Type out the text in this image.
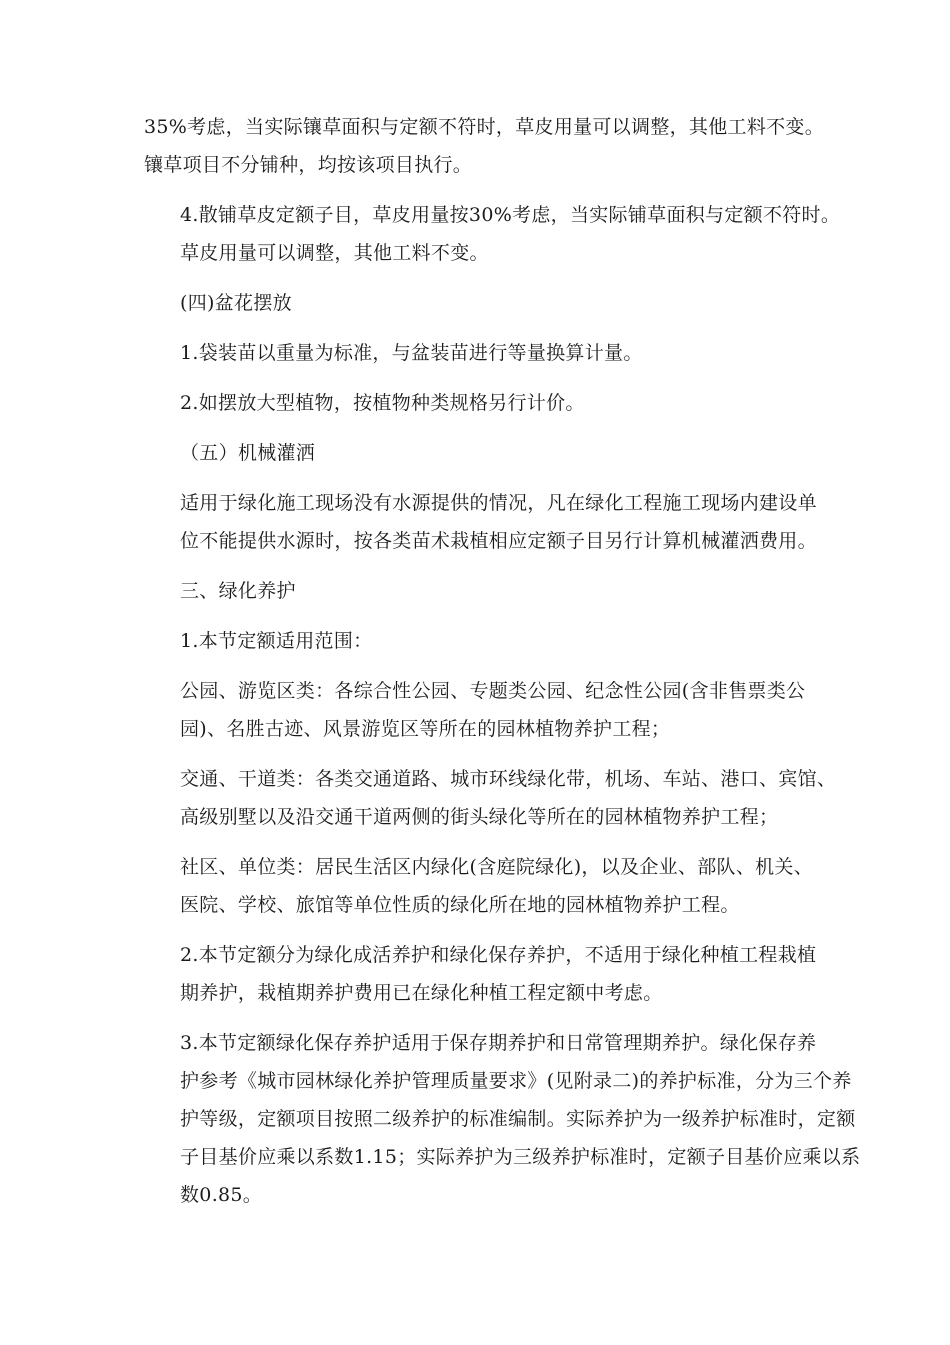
35%考虑，当实际镶草面积与定额不符时，草皮用量可以调整，其他工料不变。
镶草项目不分铺种，均按该项目执行。

4.散铺草皮定额子目，草皮用量按30%考虑，当实际铺草面积与定额不符时。
草皮用量可以调整，其他工料不变。

(四)盆花摆放

1.袋装苗以重量为标准，与盆装苗进行等量换算计量。

2.如摆放大型植物，按植物种类规格另行计价。

（五）机械灌洒

适用于绿化施工现场没有水源提供的情况，凡在绿化工程施工现场内建设单
位不能提供水源时，按各类苗术栽植相应定额子目另行计算机械灌洒费用。

三、绿化养护

1.本节定额适用范围：

公园、游览区类：各综合性公园、专题类公园、纪念性公园(含非售票类公
园)、名胜古迹、风景游览区等所在的园林植物养护工程；

交通、干道类：各类交通道路、城市环线绿化带，机场、车站、港口、宾馆、
高级别墅以及沿交通干道两侧的街头绿化等所在的园林植物养护工程；

社区、单位类：居民生活区内绿化(含庭院绿化)，以及企业、部队、机关、
医院、学校、旅馆等单位性质的绿化所在地的园林植物养护工程。

2.本节定额分为绿化成活养护和绿化保存养护，不适用于绿化种植工程栽植
期养护，栽植期养护费用已在绿化种植工程定额中考虑。

3.本节定额绿化保存养护适用于保存期养护和日常管理期养护。绿化保存养
护参考《城市园林绿化养护管理质量要求》(见附录二)的养护标准，分为三个养
护等级，定额项目按照二级养护的标准编制。实际养护为一级养护标准时，定额
子目基价应乘以系数1.15；实际养护为三级养护标准时，定额子目基价应乘以系
数0.85。
